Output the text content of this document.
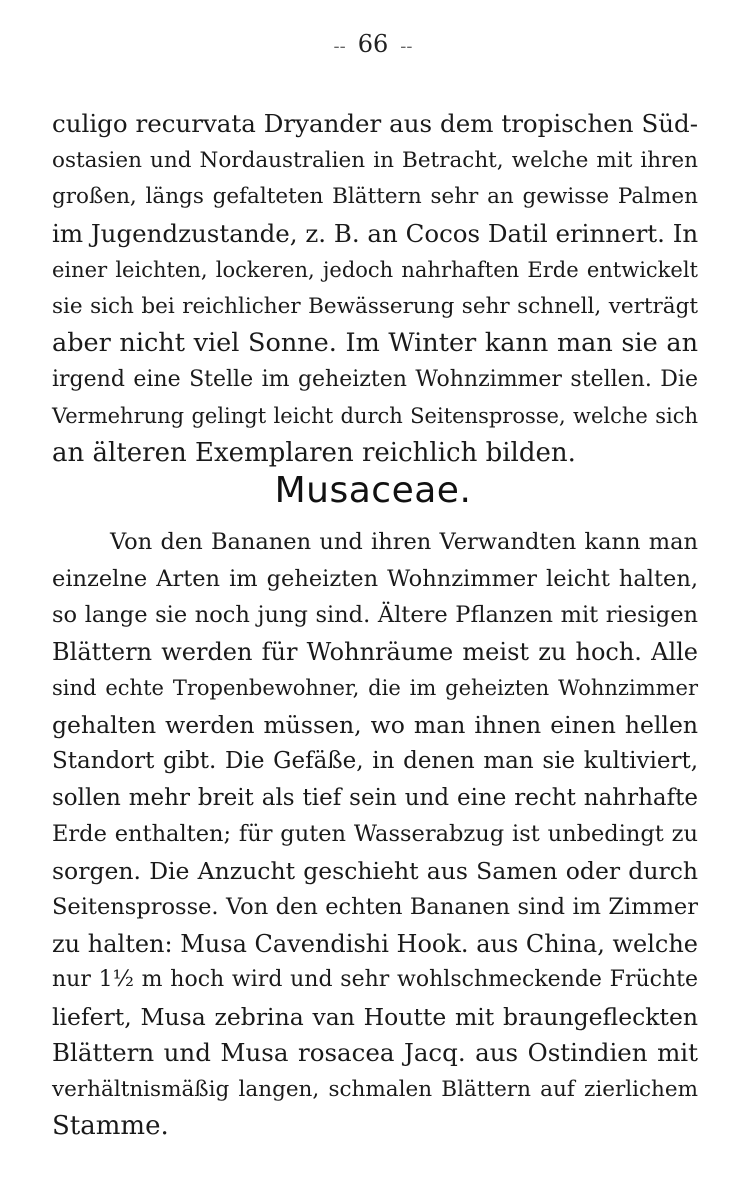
-- 66 --
culigo recurvata Dryander aus dem tropischen Süd-
ostasien und Nordaustralien in Betracht, welche mit ihren
großen, längs gefalteten Blättern sehr an gewisse Palmen
im Jugendzustande, z. B. an Cocos Datil erinnert. In
einer leichten, lockeren, jedoch nahrhaften Erde entwickelt
sie sich bei reichlicher Bewässerung sehr schnell, verträgt
aber nicht viel Sonne. Im Winter kann man sie an
irgend eine Stelle im geheizten Wohnzimmer stellen. Die
Vermehrung gelingt leicht durch Seitensprosse, welche sich
an älteren Exemplaren reichlich bilden.
Musaceae.
Von den Bananen und ihren Verwandten kann man
einzelne Arten im geheizten Wohnzimmer leicht halten,
so lange sie noch jung sind. Ältere Pflanzen mit riesigen
Blättern werden für Wohnräume meist zu hoch. Alle
sind echte Tropenbewohner, die im geheizten Wohnzimmer
gehalten werden müssen, wo man ihnen einen hellen
Standort gibt. Die Gefäße, in denen man sie kultiviert,
sollen mehr breit als tief sein und eine recht nahrhafte
Erde enthalten; für guten Wasserabzug ist unbedingt zu
sorgen. Die Anzucht geschieht aus Samen oder durch
Seitensprosse. Von den echten Bananen sind im Zimmer
zu halten: Musa Cavendishi Hook. aus China, welche
nur 1½ m hoch wird und sehr wohlschmeckende Früchte
liefert, Musa zebrina van Houtte mit braungefleckten
Blättern und Musa rosacea Jacq. aus Ostindien mit
verhältnismäßig langen, schmalen Blättern auf zierlichem
Stamme.
